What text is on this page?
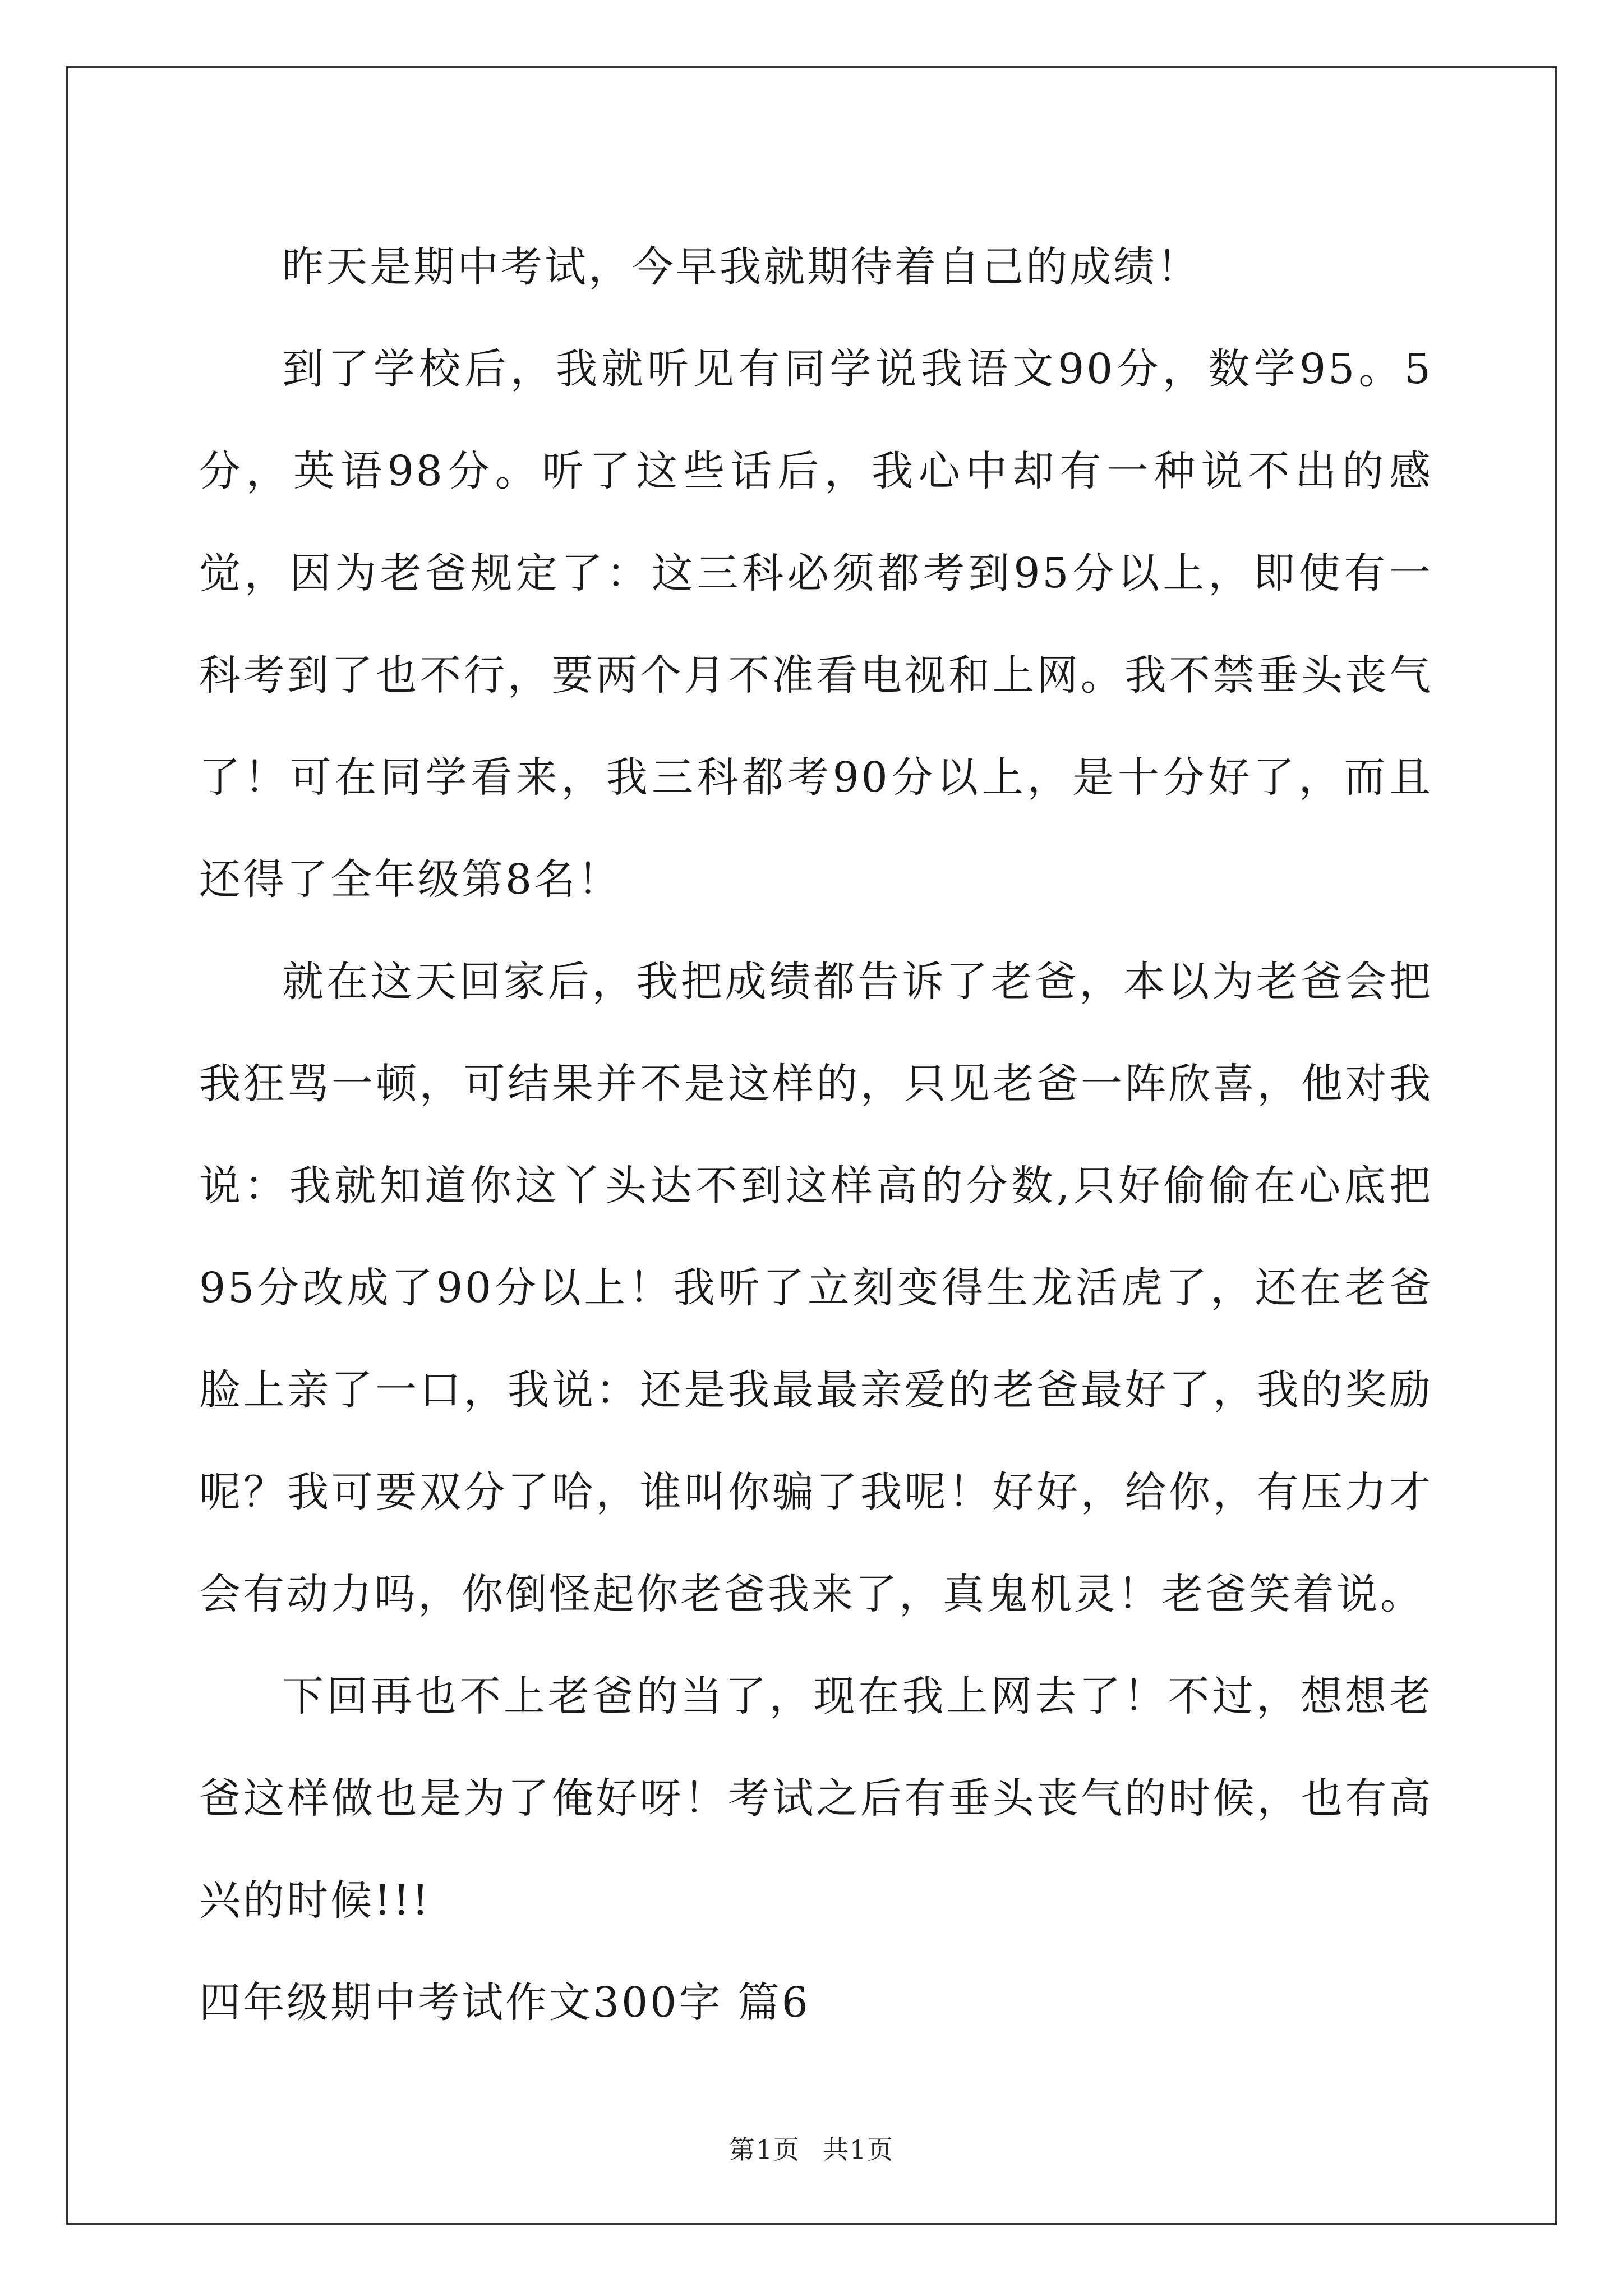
昨天是期中考试，今早我就期待着自己的成绩！

到了学校后，我就听见有同学说我语文90分，数学95。5分，英语98分。听了这些话后，我心中却有一种说不出的感觉，因为老爸规定了：这三科必须都考到95分以上，即使有一科考到了也不行，要两个月不准看电视和上网。我不禁垂头丧气了！可在同学看来，我三科都考90分以上，是十分好了，而且还得了全年级第8名！

就在这天回家后，我把成绩都告诉了老爸，本以为老爸会把我狂骂一顿，可结果并不是这样的，只见老爸一阵欣喜，他对我说：我就知道你这丫头达不到这样高的分数,只好偷偷在心底把95分改成了90分以上！我听了立刻变得生龙活虎了，还在老爸脸上亲了一口，我说：还是我最最亲爱的老爸最好了，我的奖励呢？我可要双分了哈，谁叫你骗了我呢！好好，给你，有压力才会有动力吗，你倒怪起你老爸我来了，真鬼机灵！老爸笑着说。

下回再也不上老爸的当了，现在我上网去了！不过，想想老爸这样做也是为了俺好呀！考试之后有垂头丧气的时候，也有高兴的时候!!!

四年级期中考试作文300字 篇6

第1页 共1页
